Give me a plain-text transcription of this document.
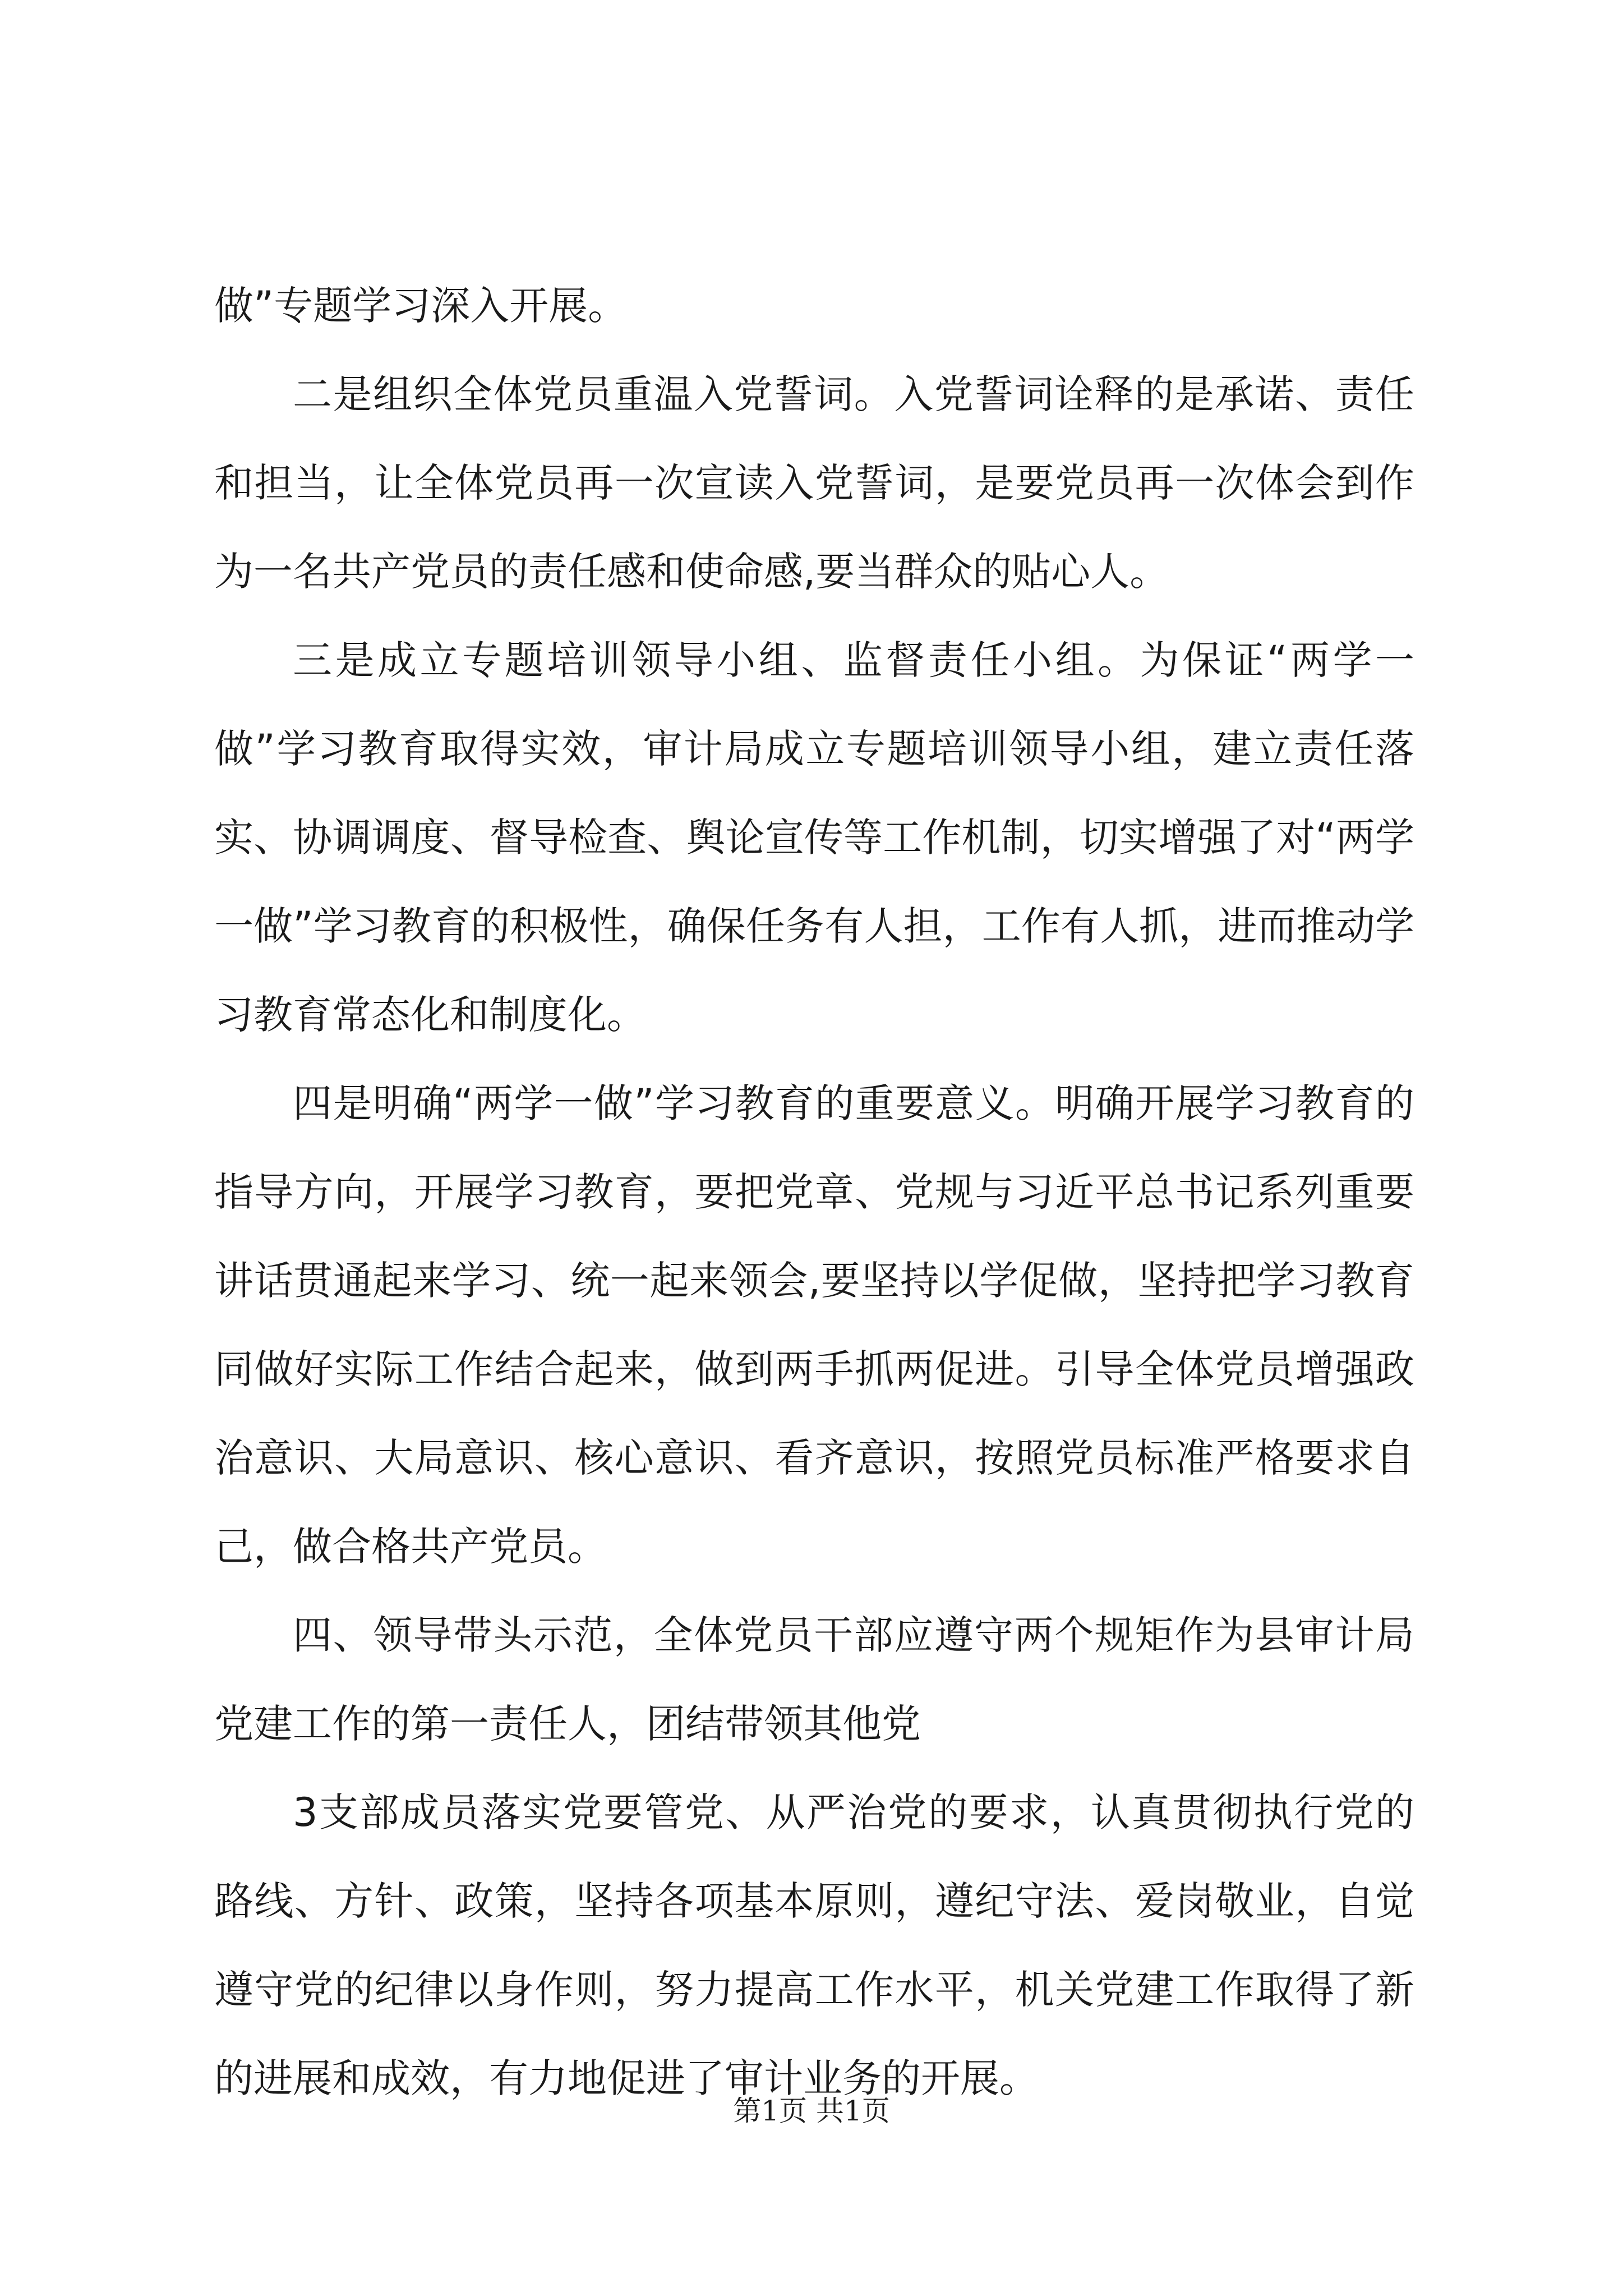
做”专题学习深入开展。

二是组织全体党员重温入党誓词。入党誓词诠释的是承诺、责任和担当，让全体党员再一次宣读入党誓词，是要党员再一次体会到作为一名共产党员的责任感和使命感,要当群众的贴心人。

三是成立专题培训领导小组、监督责任小组。为保证“两学一做”学习教育取得实效，审计局成立专题培训领导小组，建立责任落实、协调调度、督导检查、舆论宣传等工作机制，切实增强了对“两学一做”学习教育的积极性，确保任务有人担，工作有人抓，进而推动学习教育常态化和制度化。

四是明确“两学一做”学习教育的重要意义。明确开展学习教育的指导方向，开展学习教育，要把党章、党规与习近平总书记系列重要讲话贯通起来学习、统一起来领会,要坚持以学促做，坚持把学习教育同做好实际工作结合起来，做到两手抓两促进。引导全体党员增强政治意识、大局意识、核心意识、看齐意识，按照党员标准严格要求自己，做合格共产党员。

四、领导带头示范，全体党员干部应遵守两个规矩作为县审计局党建工作的第一责任人，团结带领其他党

3支部成员落实党要管党、从严治党的要求，认真贯彻执行党的路线、方针、政策，坚持各项基本原则，遵纪守法、爱岗敬业，自觉遵守党的纪律以身作则，努力提高工作水平，机关党建工作取得了新的进展和成效，有力地促进了审计业务的开展。

第1页 共1页
